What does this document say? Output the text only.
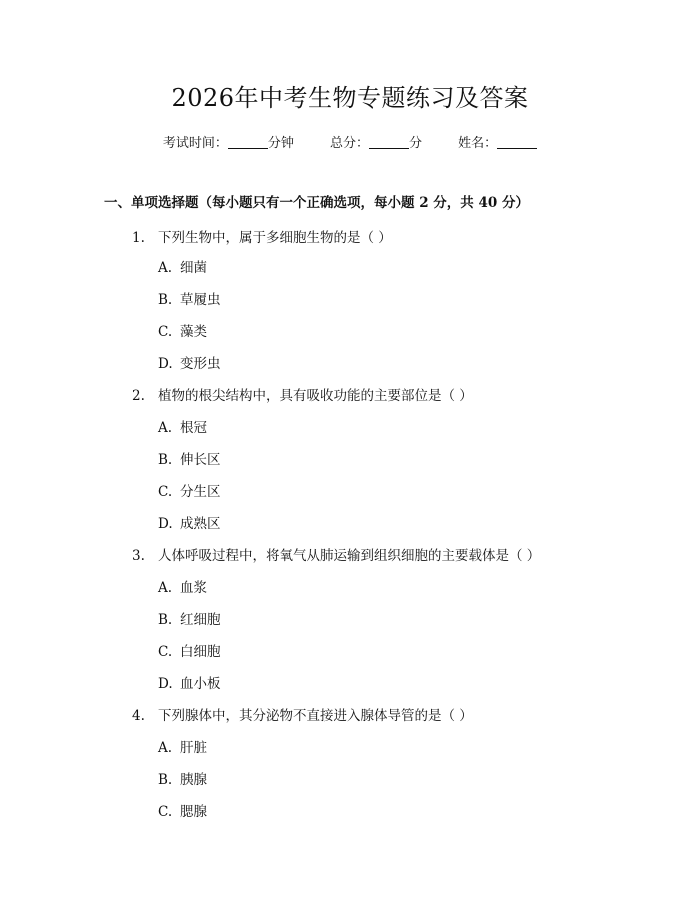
2026年中考生物专题练习及答案
考试时间：	分钟	总分：	分	姓名：
一、单项选择题（每小题只有一个正确选项，每小题 2 分，共 40 分）
1. 下列生物中，属于多细胞生物的是（ ）
A. 细菌
B. 草履虫
C. 藻类
D. 变形虫
2. 植物的根尖结构中，具有吸收功能的主要部位是（ ）
A. 根冠
B. 伸长区
C. 分生区
D. 成熟区
3. 人体呼吸过程中，将氧气从肺运输到组织细胞的主要载体是（ ）
A. 血浆
B. 红细胞
C. 白细胞
D. 血小板
4. 下列腺体中，其分泌物不直接进入腺体导管的是（ ）
A. 肝脏
B. 胰腺
C. 腮腺
